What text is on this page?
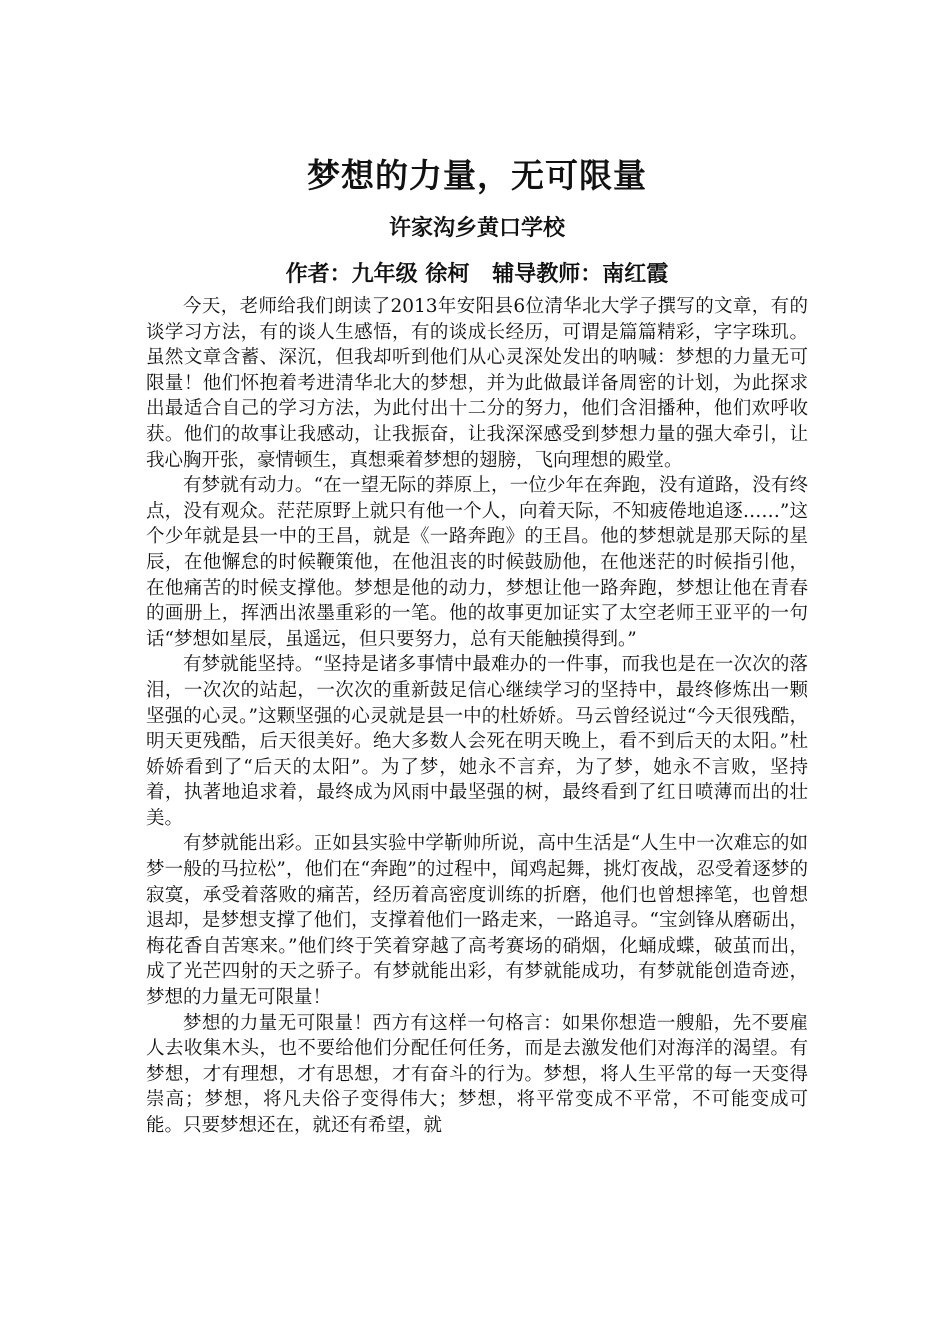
梦想的力量，无可限量
许家沟乡黄口学校
作者：九年级 徐柯   辅导教师：南红霞

今天，老师给我们朗读了2013年安阳县6位清华北大学子撰写的文章，有的谈学习方法，有的谈人生感悟，有的谈成长经历，可谓是篇篇精彩，字字珠玑。虽然文章含蓄、深沉，但我却听到他们从心灵深处发出的呐喊：梦想的力量无可限量！他们怀抱着考进清华北大的梦想，并为此做最详备周密的计划，为此探求出最适合自己的学习方法，为此付出十二分的努力，他们含泪播种，他们欢呼收获。他们的故事让我感动，让我振奋，让我深深感受到梦想力量的强大牵引，让我心胸开张，豪情顿生，真想乘着梦想的翅膀，飞向理想的殿堂。

有梦就有动力。“在一望无际的莽原上，一位少年在奔跑，没有道路，没有终点，没有观众。茫茫原野上就只有他一个人，向着天际，不知疲倦地追逐……”这个少年就是县一中的王昌，就是《一路奔跑》的王昌。他的梦想就是那天际的星辰，在他懈怠的时候鞭策他，在他沮丧的时候鼓励他，在他迷茫的时候指引他，在他痛苦的时候支撑他。梦想是他的动力，梦想让他一路奔跑，梦想让他在青春的画册上，挥洒出浓墨重彩的一笔。他的故事更加证实了太空老师王亚平的一句话“梦想如星辰，虽遥远，但只要努力，总有天能触摸得到。”

有梦就能坚持。“坚持是诸多事情中最难办的一件事，而我也是在一次次的落泪，一次次的站起，一次次的重新鼓足信心继续学习的坚持中，最终修炼出一颗坚强的心灵。”这颗坚强的心灵就是县一中的杜娇娇。马云曾经说过“今天很残酷，明天更残酷，后天很美好。绝大多数人会死在明天晚上，看不到后天的太阳。”杜娇娇看到了“后天的太阳”。为了梦，她永不言弃，为了梦，她永不言败，坚持着，执著地追求着，最终成为风雨中最坚强的树，最终看到了红日喷薄而出的壮美。

有梦就能出彩。正如县实验中学靳帅所说，高中生活是“人生中一次难忘的如梦一般的马拉松”，他们在“奔跑”的过程中，闻鸡起舞，挑灯夜战，忍受着逐梦的寂寞，承受着落败的痛苦，经历着高密度训练的折磨，他们也曾想摔笔，也曾想退却，是梦想支撑了他们，支撑着他们一路走来，一路追寻。“宝剑锋从磨砺出，梅花香自苦寒来。”他们终于笑着穿越了高考赛场的硝烟，化蛹成蝶，破茧而出，成了光芒四射的天之骄子。有梦就能出彩，有梦就能成功，有梦就能创造奇迹，梦想的力量无可限量！

梦想的力量无可限量！西方有这样一句格言：如果你想造一艘船，先不要雇人去收集木头，也不要给他们分配任何任务，而是去激发他们对海洋的渴望。有梦想，才有理想，才有思想，才有奋斗的行为。梦想，将人生平常的每一天变得崇高；梦想，将凡夫俗子变得伟大；梦想，将平常变成不平常，不可能变成可能。只要梦想还在，就还有希望，就
